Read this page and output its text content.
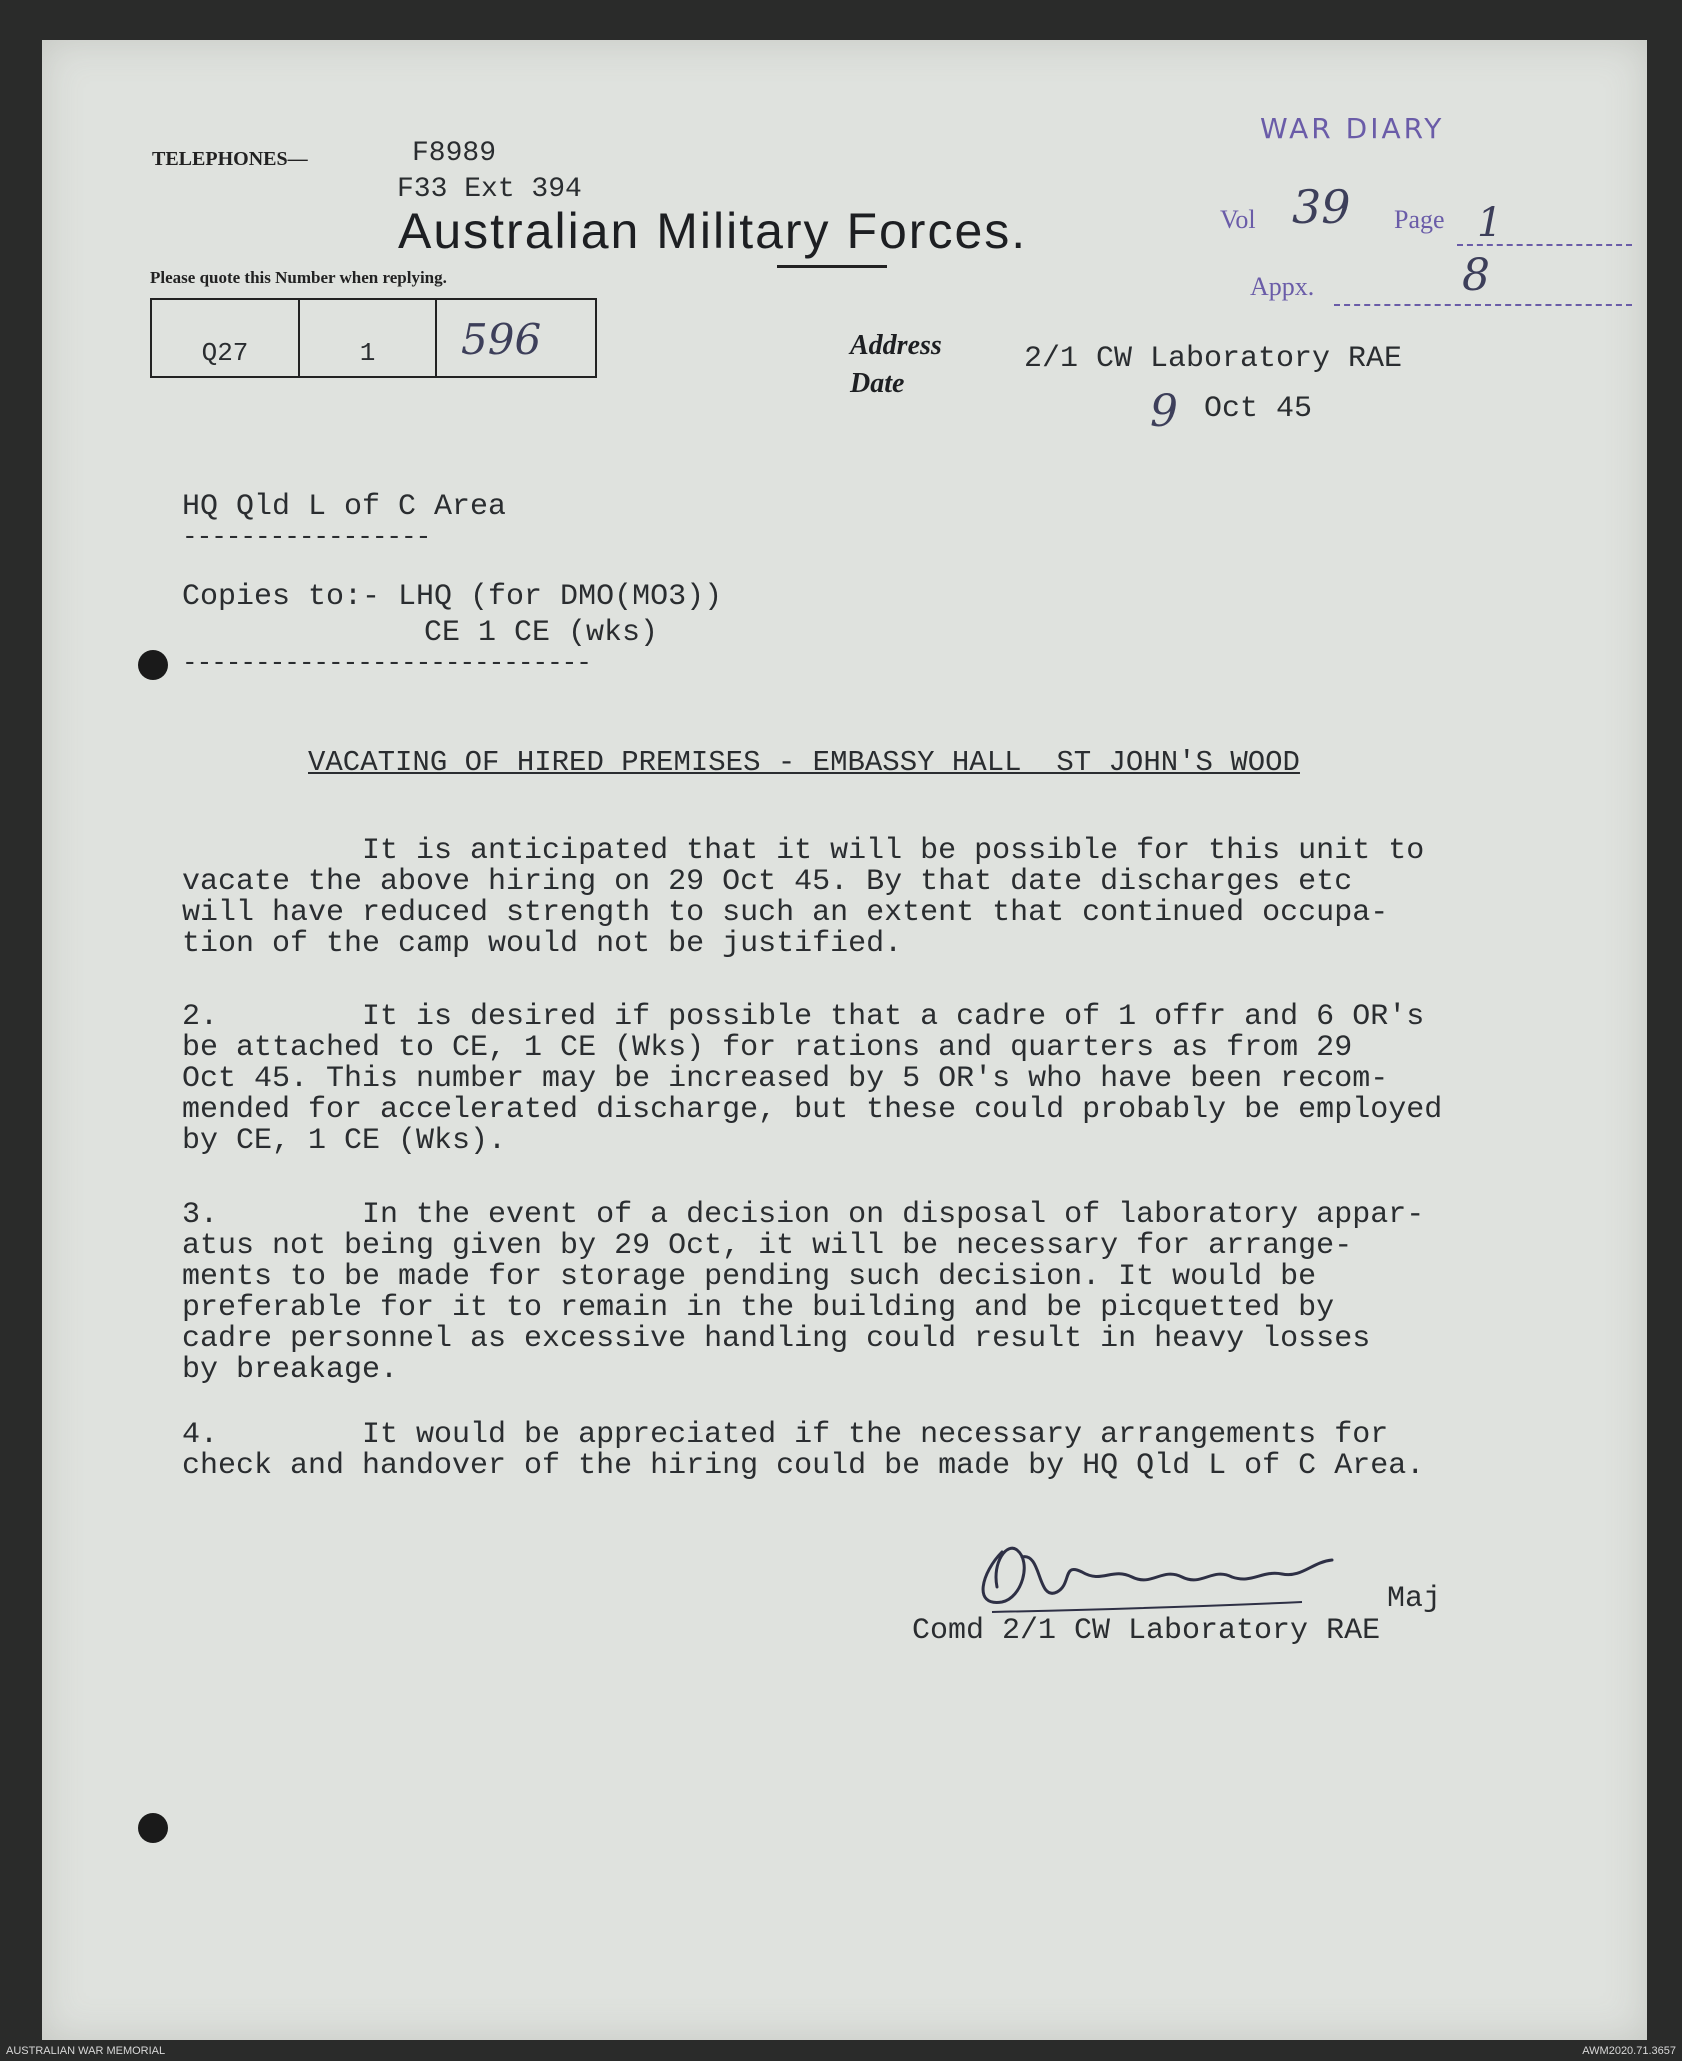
TELEPHONES—	F8989
F33 Ext 394
Australian Military Forces.
Please quote this Number when replying.
Q27	1 596
WAR DIARY
Vol 39 Page 1
Appx.	8
Address
Date
2/1 CW Laboratory RAE
9 Oct 45
HQ Qld L of C Area
-----------------
Copies to:- LHQ (for DMO(MO3))
CE 1 CE (wks)
----------------------------
VACATING OF HIRED PREMISES - EMBASSY HALL  ST JOHN'S WOOD
It is anticipated that it will be possible for this unit to
vacate the above hiring on 29 Oct 45. By that date discharges etc
will have reduced strength to such an extent that continued occupa-
tion of the camp would not be justified.
2.        It is desired if possible that a cadre of 1 offr and 6 OR's
be attached to CE, 1 CE (Wks) for rations and quarters as from 29
Oct 45. This number may be increased by 5 OR's who have been recom-
mended for accelerated discharge, but these could probably be employed
by CE, 1 CE (Wks).
3.        In the event of a decision on disposal of laboratory appar-
atus not being given by 29 Oct, it will be necessary for arrange-
ments to be made for storage pending such decision. It would be
preferable for it to remain in the building and be picquetted by
cadre personnel as excessive handling could result in heavy losses
by breakage.
4.        It would be appreciated if the necessary arrangements for
check and handover of the hiring could be made by HQ Qld L of C Area.
Maj
Comd 2/1 CW Laboratory RAE
AUSTRALIAN WAR MEMORIAL	AWM2020.71.3657
